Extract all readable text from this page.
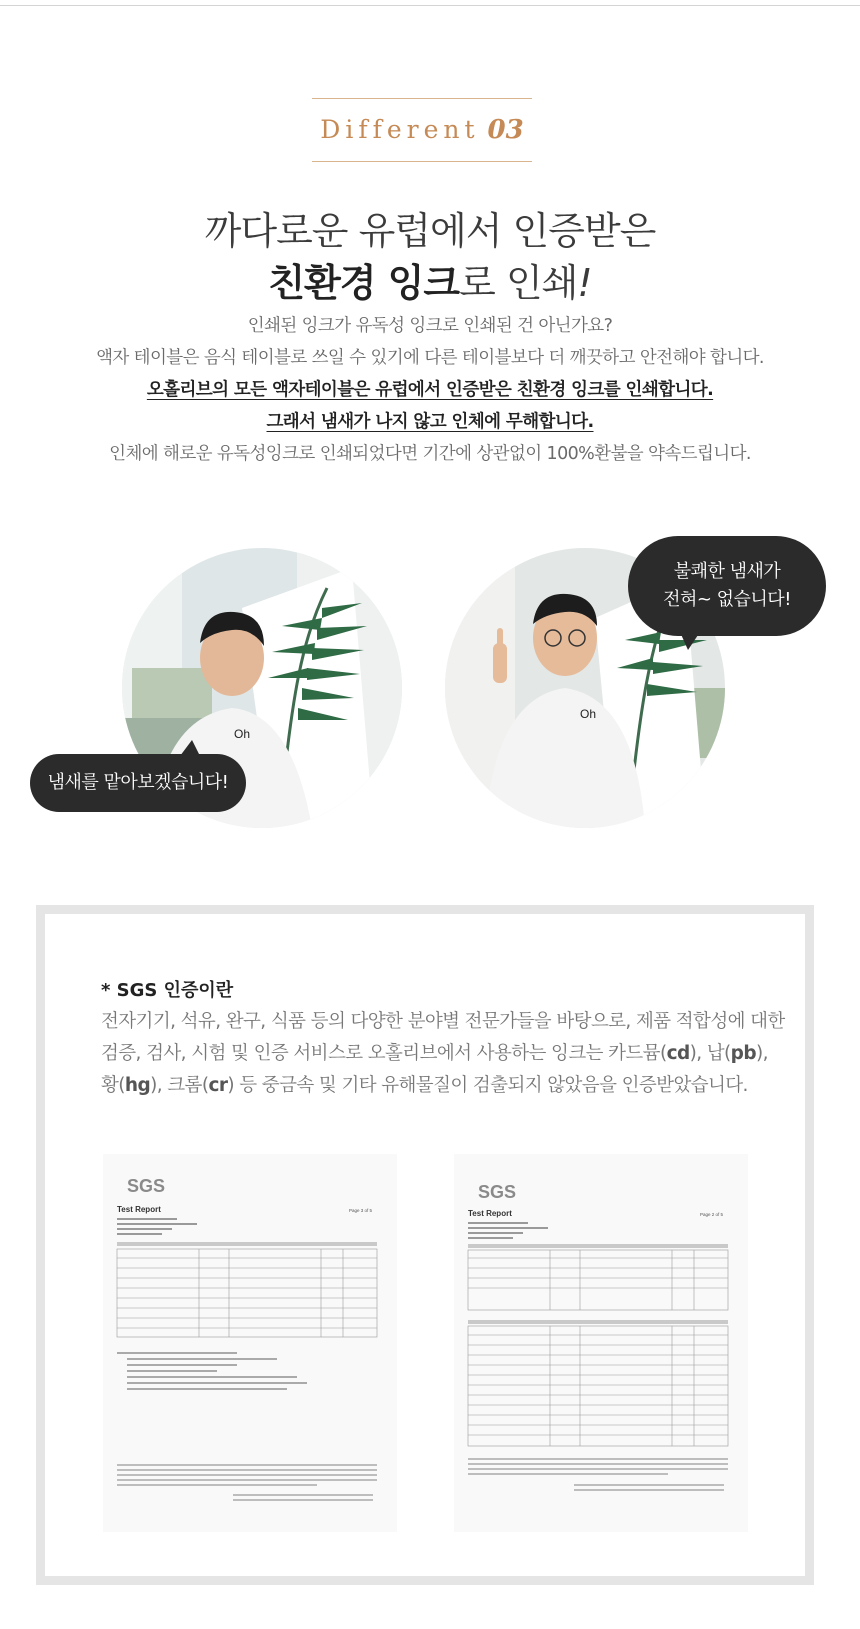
Different 03
까다로운 유럽에서 인증받은
친환경 잉크로 인쇄!
인쇄된 잉크가 유독성 잉크로 인쇄된 건 아닌가요?
액자 테이블은 음식 테이블로 쓰일 수 있기에 다른 테이블보다 더 깨끗하고 안전해야 합니다.
오홀리브의 모든 액자테이블은 유럽에서 인증받은 친환경 잉크를 인쇄합니다.
그래서 냄새가 나지 않고 인체에 무해합니다.
인체에 해로운 유독성잉크로 인쇄되었다면 기간에 상관없이 100%환불을 약속드립니다.
Oh
Oh
냄새를 맡아보겠습니다!
불쾌한 냄새가
전혀~ 없습니다!
* SGS 인증이란
전자기기, 석유, 완구, 식품 등의 다양한 분야별 전문가들을 바탕으로, 제품 적합성에 대한
검증, 검사, 시험 및 인증 서비스로 오홀리브에서 사용하는 잉크는 카드뮴(cd), 납(pb),
황(hg), 크롬(cr) 등 중금속 및 기타 유해물질이 검출되지 않았음을 인증받았습니다.
SGS
Test Report	Page 3 of 5
SGS
Test Report	Page 2 of 5
